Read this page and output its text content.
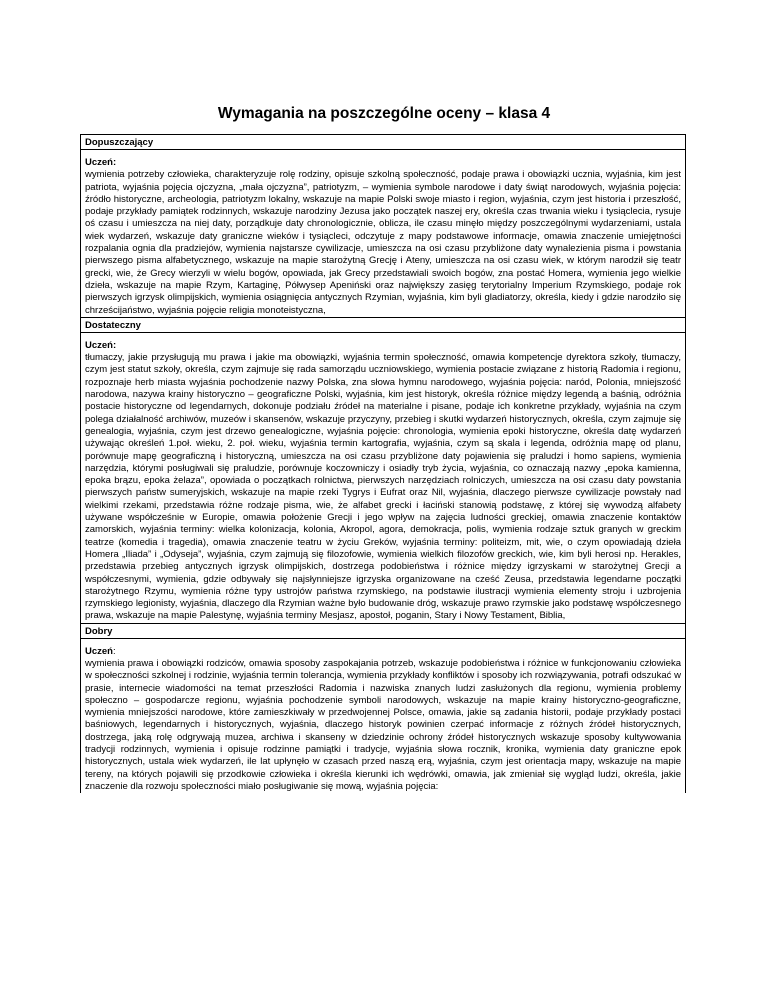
Wymagania na poszczególne oceny – klasa 4
Dopuszczający
Uczeń:

wymienia potrzeby człowieka, charakteryzuje rolę rodziny, opisuje szkolną społeczność, podaje prawa i obowiązki ucznia, wyjaśnia, kim jest patriota, wyjaśnia pojęcia ojczyzna, „mała ojczyzna”, patriotyzm, – wymienia symbole narodowe i daty świąt narodowych, wyjaśnia pojęcia: źródło historyczne, archeologia, patriotyzm lokalny, wskazuje na mapie Polski swoje miasto i region, wyjaśnia, czym jest historia i przeszłość, podaje przykłady pamiątek rodzinnych, wskazuje narodziny Jezusa jako początek naszej ery, określa czas trwania wieku i tysiąclecia, rysuje oś czasu i umieszcza na niej daty, porządkuje daty chronologicznie, oblicza, ile czasu minęło między poszczególnymi wydarzeniami, ustala wiek wydarzeń, wskazuje daty graniczne wieków i tysiącleci, odczytuje z mapy podstawowe informacje, omawia znaczenie umiejętności rozpalania ognia dla pradziejów, wymienia najstarsze cywilizacje, umieszcza na osi czasu przybliżone daty wynalezienia pisma i powstania pierwszego pisma alfabetycznego, wskazuje na mapie starożytną Grecję i Ateny, umieszcza na osi czasu wiek, w którym narodził się teatr grecki, wie, że Grecy wierzyli w wielu bogów, opowiada, jak Grecy przedstawiali swoich bogów, zna postać Homera, wymienia jego wielkie dzieła, wskazuje na mapie Rzym, Kartaginę, Półwysep Apeniński oraz największy zasięg terytorialny Imperium Rzymskiego, podaje rok pierwszych igrzysk olimpijskich, wymienia osiągnięcia antycznych Rzymian, wyjaśnia, kim byli gladiatorzy, określa, kiedy i gdzie narodziło się chrześcijaństwo, wyjaśnia pojęcie religia monoteistyczna,

Dostateczny
Uczeń:

tłumaczy, jakie przysługują mu prawa i jakie ma obowiązki, wyjaśnia termin społeczność, omawia kompetencje dyrektora szkoły, tłumaczy, czym jest statut szkoły, określa, czym zajmuje się rada samorządu uczniowskiego, wymienia postacie związane z historią Radomia i regionu, rozpoznaje herb miasta wyjaśnia pochodzenie nazwy Polska, zna słowa hymnu narodowego, wyjaśnia pojęcia: naród, Polonia, mniejszość narodowa, nazywa krainy historyczno – geograficzne Polski, wyjaśnia, kim jest historyk, określa różnice między legendą a baśnią, odróżnia postacie historyczne od legendarnych, dokonuje podziału źródeł na materialne i pisane, podaje ich konkretne przykłady, wyjaśnia na czym polega działalność archiwów, muzeów i skansenów, wskazuje przyczyny, przebieg i skutki wydarzeń historycznych, określa, czym zajmuje się genealogia, wyjaśnia, czym jest drzewo genealogiczne, wyjaśnia pojęcie: chronologia, wymienia epoki historyczne, określa datę wydarzeń używając określeń 1.poł. wieku, 2. poł. wieku, wyjaśnia termin kartografia, wyjaśnia, czym są skala i legenda, odróżnia mapę od planu, porównuje mapę geograficzną i historyczną, umieszcza na osi czasu przybliżone daty pojawienia się praludzi i homo sapiens, wymienia narzędzia, którymi posługiwali się praludzie, porównuje koczowniczy i osiadły tryb życia, wyjaśnia, co oznaczają nazwy „epoka kamienna, epoka brązu, epoka żelaza”, opowiada o początkach rolnictwa, pierwszych narzędziach rolniczych, umieszcza na osi czasu daty powstania pierwszych państw sumeryjskich, wskazuje na mapie rzeki Tygrys i Eufrat oraz Nil, wyjaśnia, dlaczego pierwsze cywilizacje powstały nad wielkimi rzekami, przedstawia różne rodzaje pisma, wie, że alfabet grecki i łaciński stanowią podstawę, z której się wywodzą alfabety używane współcześnie w Europie, omawia położenie Grecji i jego wpływ na zajęcia ludności greckiej, omawia znaczenie kontaktów zamorskich, wyjaśnia terminy: wielka kolonizacja, kolonia, Akropol, agora, demokracja, polis, wymienia rodzaje sztuk granych w greckim teatrze (komedia i tragedia), omawia znaczenie teatru w życiu Greków, wyjaśnia terminy: politeizm, mit, wie, o czym opowiadają dzieła Homera „Iliada” i „Odyseja”, wyjaśnia, czym zajmują się filozofowie, wymienia wielkich filozofów greckich, wie, kim byli herosi np. Herakles, przedstawia przebieg antycznych igrzysk olimpijskich, dostrzega podobieństwa i różnice między igrzyskami w starożytnej Grecji a współczesnymi, wymienia, gdzie odbywały się najsłynniejsze igrzyska organizowane na cześć Zeusa, przedstawia legendarne początki starożytnego Rzymu, wymienia różne typy ustrojów państwa rzymskiego, na podstawie ilustracji wymienia elementy stroju i uzbrojenia rzymskiego legionisty, wyjaśnia, dlaczego dla Rzymian ważne było budowanie dróg, wskazuje prawo rzymskie jako podstawę współczesnego prawa, wskazuje na mapie Palestynę, wyjaśnia terminy Mesjasz, apostoł, poganin, Stary i Nowy Testament, Biblia,

Dobry
Uczeń:

wymienia prawa i obowiązki rodziców, omawia sposoby zaspokajania potrzeb, wskazuje podobieństwa i różnice w funkcjonowaniu człowieka w społeczności szkolnej i rodzinie, wyjaśnia termin tolerancja, wymienia przykłady konfliktów i sposoby ich rozwiązywania, potrafi odszukać w prasie, internecie wiadomości na temat przeszłości Radomia i nazwiska znanych ludzi zasłużonych dla regionu, wymienia problemy społeczno – gospodarcze regionu, wyjaśnia pochodzenie symboli narodowych, wskazuje na mapie krainy historyczno-geograficzne, wymienia mniejszości narodowe, które zamieszkiwały w przedwojennej Polsce, omawia, jakie są zadania historii, podaje przykłady postaci baśniowych, legendarnych i historycznych, wyjaśnia, dlaczego historyk powinien czerpać informacje z różnych źródeł historycznych, dostrzega, jaką rolę odgrywają muzea, archiwa i skanseny w dziedzinie ochrony źródeł historycznych wskazuje sposoby kultywowania tradycji rodzinnych, wymienia i opisuje rodzinne pamiątki i tradycje, wyjaśnia słowa rocznik, kronika, wymienia daty graniczne epok historycznych, ustala wiek wydarzeń, ile lat upłynęło w czasach przed naszą erą, wyjaśnia, czym jest orientacja mapy, wskazuje na mapie tereny, na których pojawili się przodkowie człowieka i określa kierunki ich wędrówki, omawia, jak zmieniał się wygląd ludzi, określa, jakie znaczenie dla rozwoju społeczności miało posługiwanie się mową, wyjaśnia pojęcia:
